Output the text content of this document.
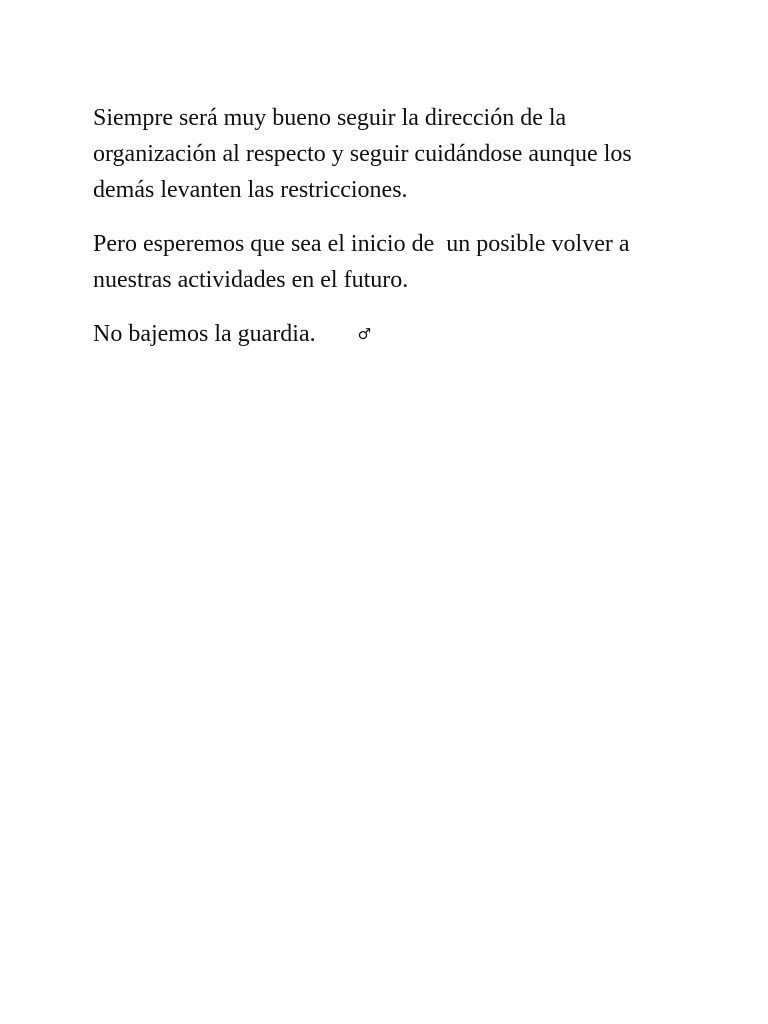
Siempre será muy bueno seguir la dirección de la organización al respecto y seguir cuidándose aunque los demás levanten las restricciones.

Pero esperemos que sea el inicio de  un posible volver a nuestras actividades en el futuro.

No bajemos la guardia.	♂
